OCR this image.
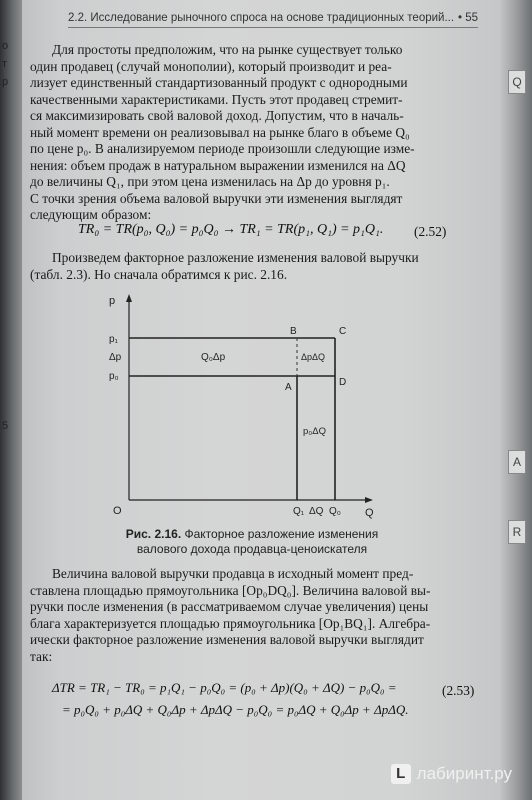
о
т
р
5
Q
A
R
2.2. Исследование рыночного спроса на основе традиционных теорий... • 55

Для простоты предположим, что на рынке существует только

один продавец (случай монополии), который производит и реа-

лизует единственный стандартизованный продукт с однородными

качественными характеристиками. Пусть этот продавец стремит-

ся максимизировать свой валовой доход. Допустим, что в началь-

ный момент времени он реализовывал на рынке благо в объеме Q₀

по цене p₀. В анализируемом периоде произошли следующие изме-

нения: объем продаж в натуральном выражении изменился на ΔQ

до величины Q₁, при этом цена изменилась на Δp до уровня p₁.

С точки зрения объема валовой выручки эти изменения выглядят

следующим образом:

TR₀ = TR(p₀, Q₀) = p₀Q₀ → TR₁ = TR(p₁, Q₁) = p₁Q₁. (2.52)

Произведем факторное разложение изменения валовой выручки

(табл. 2.3). Но сначала обратимся к рис. 2.16.

p
Q
O
p₁
Δp
p₀
B	C
A	D
Q₁ ΔQ Q₀
Q₀Δp	ΔpΔQ
p₀ΔQ
Рис. 2.16. Факторное разложение изменения
валового дохода продавца-ценоискателя

Величина валовой выручки продавца в исходный момент пред-

ставлена площадью прямоугольника [Op₀DQ₀]. Величина валовой вы-

ручки после изменения (в рассматриваемом случае увеличения) цены

блага характеризуется площадью прямоугольника [Op₁BQ₁]. Алгебра-

ически факторное разложение изменения валовой выручки выглядит

так:

ΔTR = TR₁ − TR₀ = p₁Q₁ − p₀Q₀ = (p₀ + Δp)(Q₀ + ΔQ) − p₀Q₀ =	(2.53)
= p₀Q₀ + p₀ΔQ + Q₀Δp + ΔpΔQ − p₀Q₀ = p₀ΔQ + Q₀Δp + ΔpΔQ.
L лабиринт.ру
